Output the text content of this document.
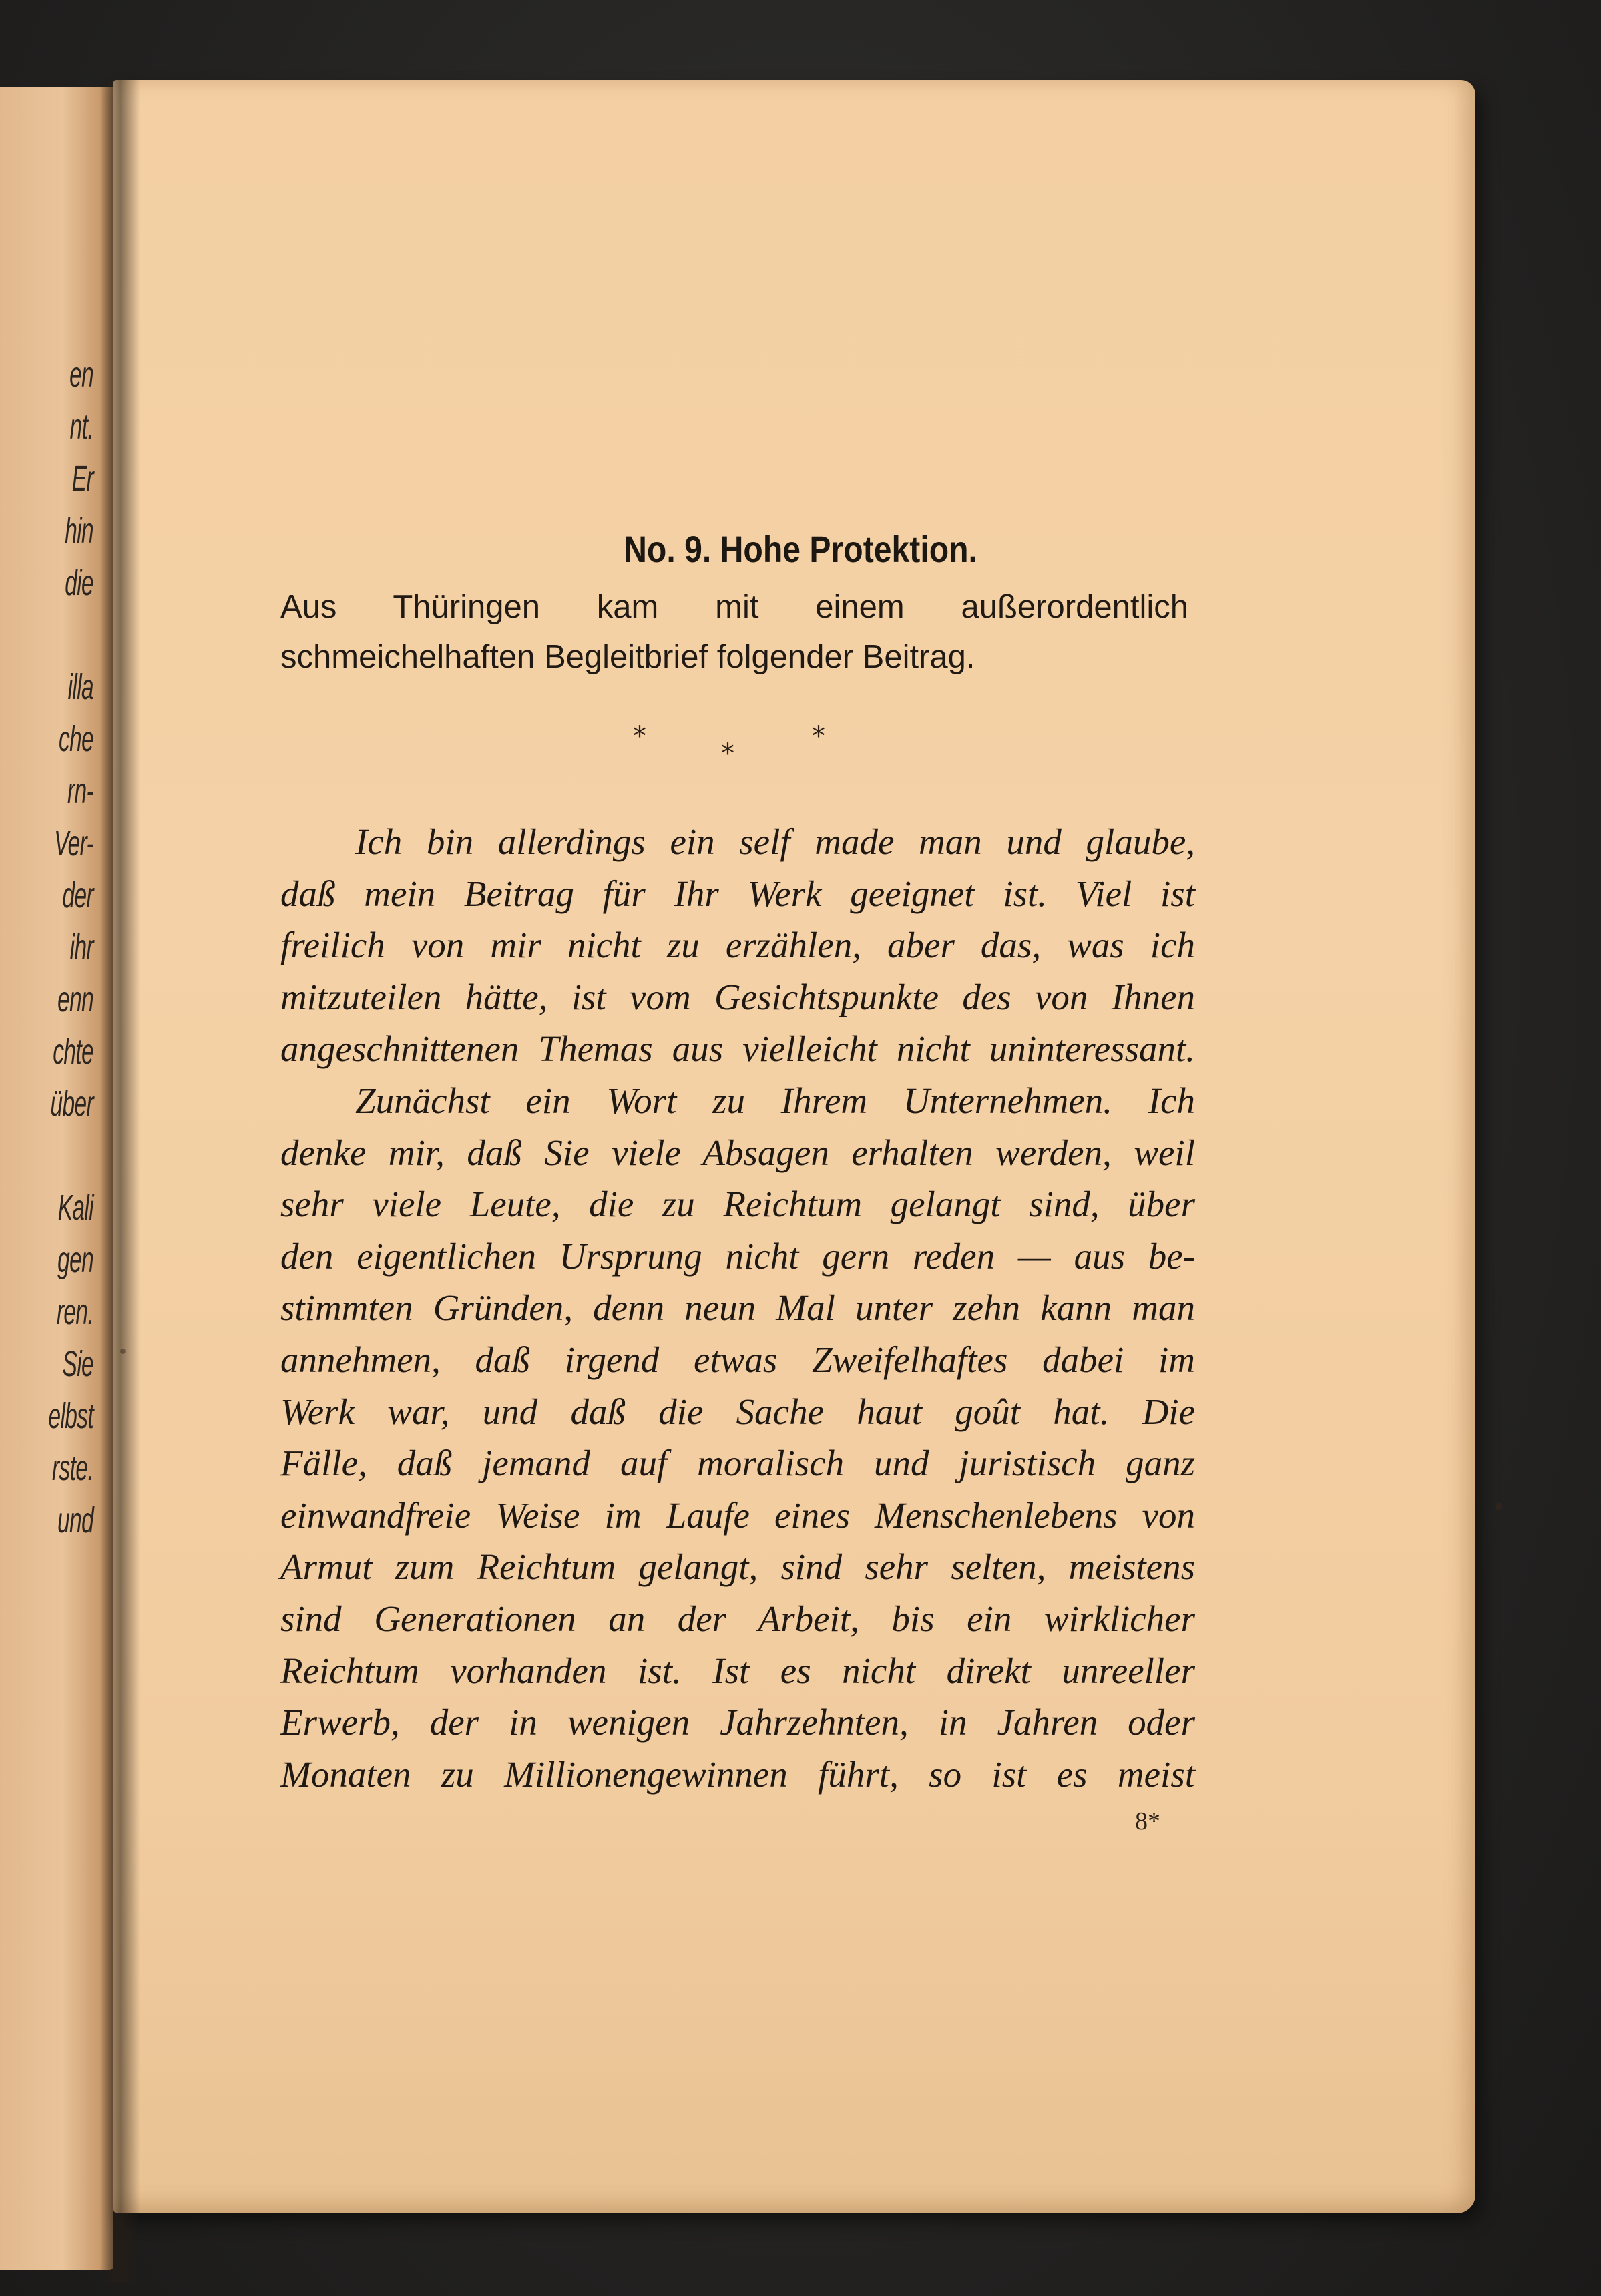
en
nt.
Er
hin
die
illa
che
rn-
Ver-
der
ihr
enn
chte
über
Kali
gen
ren.
Sie
elbst
rste.
und
No. 9. Hohe Protektion.
Aus Thüringen kam mit einem außerordentlich
schmeichelhaften Begleitbrief folgender Beitrag.
*
*
*
Ich bin allerdings ein self made man und glaube,
daß mein Beitrag für Ihr Werk geeignet ist. Viel ist
freilich von mir nicht zu erzählen, aber das, was ich
mitzuteilen hätte, ist vom Gesichtspunkte des von Ihnen
angeschnittenen Themas aus vielleicht nicht uninteressant.
Zunächst ein Wort zu Ihrem Unternehmen. Ich
denke mir, daß Sie viele Absagen erhalten werden, weil
sehr viele Leute, die zu Reichtum gelangt sind, über
den eigentlichen Ursprung nicht gern reden — aus be-
stimmten Gründen, denn neun Mal unter zehn kann man
annehmen, daß irgend etwas Zweifelhaftes dabei im
Werk war, und daß die Sache haut goût hat. Die
Fälle, daß jemand auf moralisch und juristisch ganz
einwandfreie Weise im Laufe eines Menschenlebens von
Armut zum Reichtum gelangt, sind sehr selten, meistens
sind Generationen an der Arbeit, bis ein wirklicher
Reichtum vorhanden ist. Ist es nicht direkt unreeller
Erwerb, der in wenigen Jahrzehnten, in Jahren oder
Monaten zu Millionengewinnen führt, so ist es meist
8*
